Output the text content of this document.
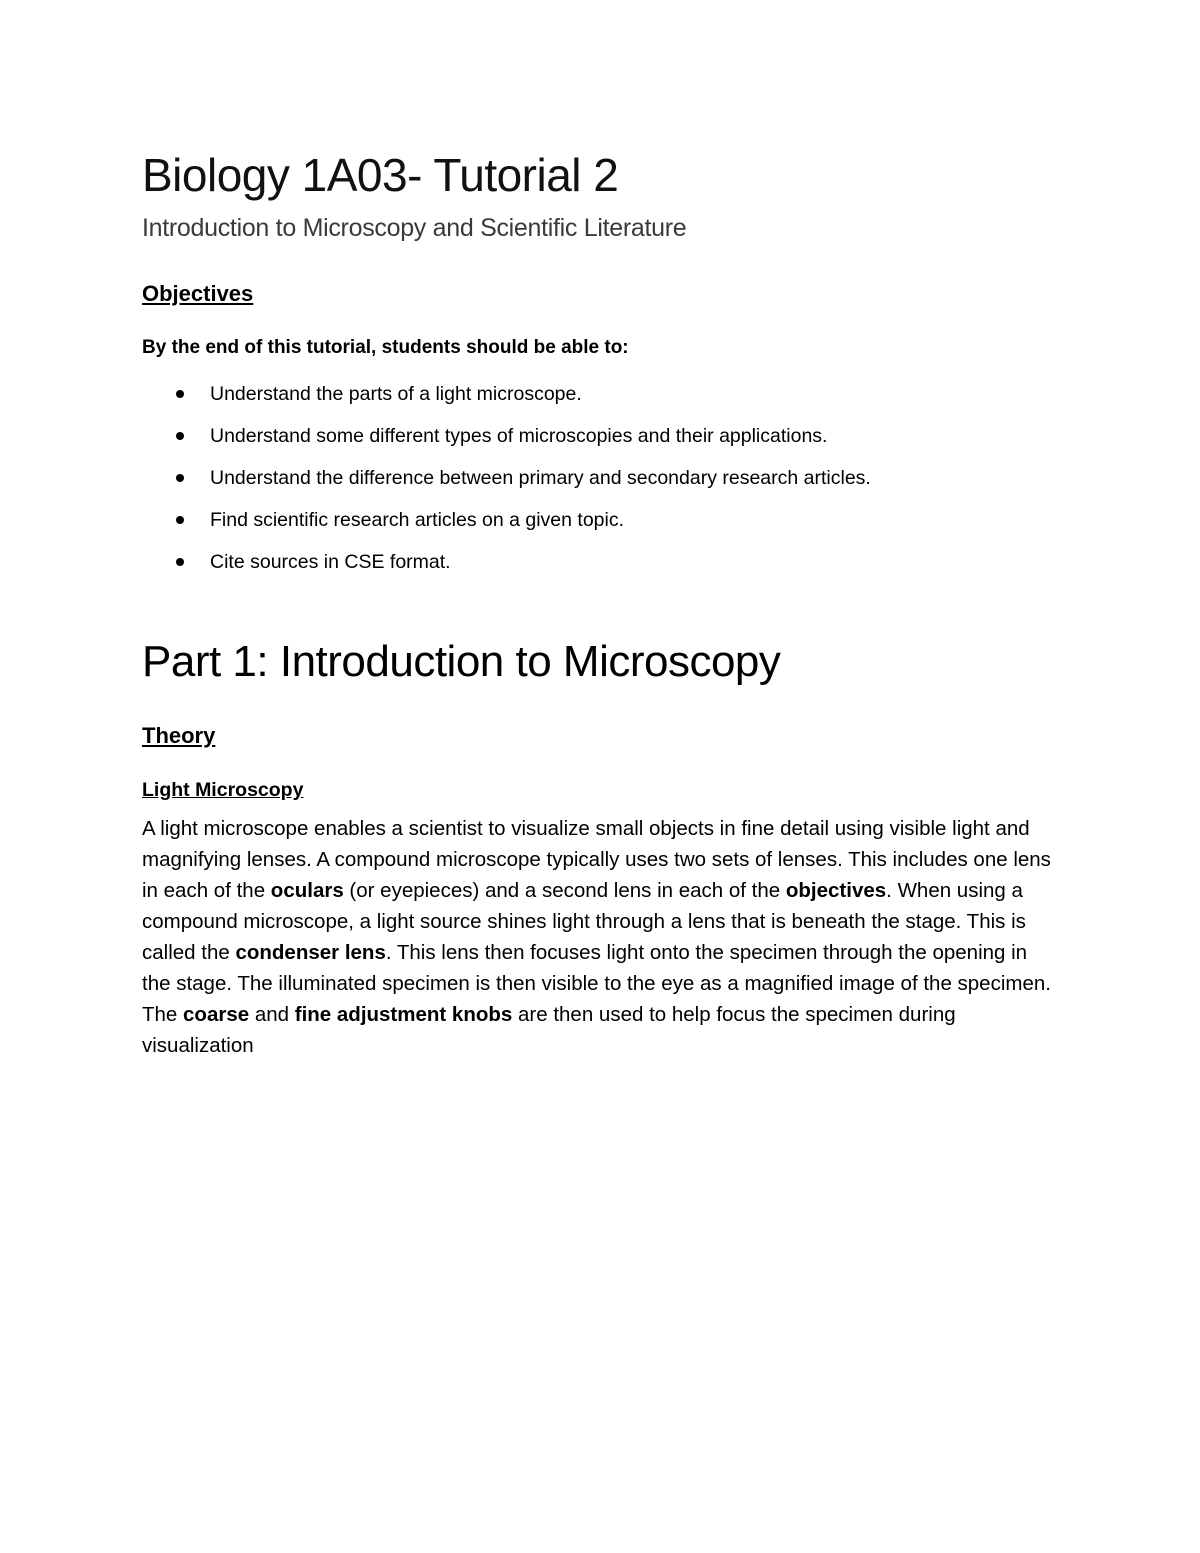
Biology 1A03- Tutorial 2

Introduction to Microscopy and Scientific Literature

Objectives

By the end of this tutorial, students should be able to:

Understand the parts of a light microscope.
Understand some different types of microscopies and their applications.
Understand the difference between primary and secondary research articles.
Find scientific research articles on a given topic.
Cite sources in CSE format.
Part 1: Introduction to Microscopy
Theory
Light Microscopy

A light microscope enables a scientist to visualize small objects in fine detail using visible light and magnifying lenses. A compound microscope typically uses two sets of lenses. This includes one lens in each of the oculars (or eyepieces) and a second lens in each of the objectives. When using a compound microscope, a light source shines light through a lens that is beneath the stage. This is called the condenser lens. This lens then focuses light onto the specimen through the opening in the stage. The illuminated specimen is then visible to the eye as a magnified image of the specimen. The coarse and fine adjustment knobs are then used to help focus the specimen during visualization
